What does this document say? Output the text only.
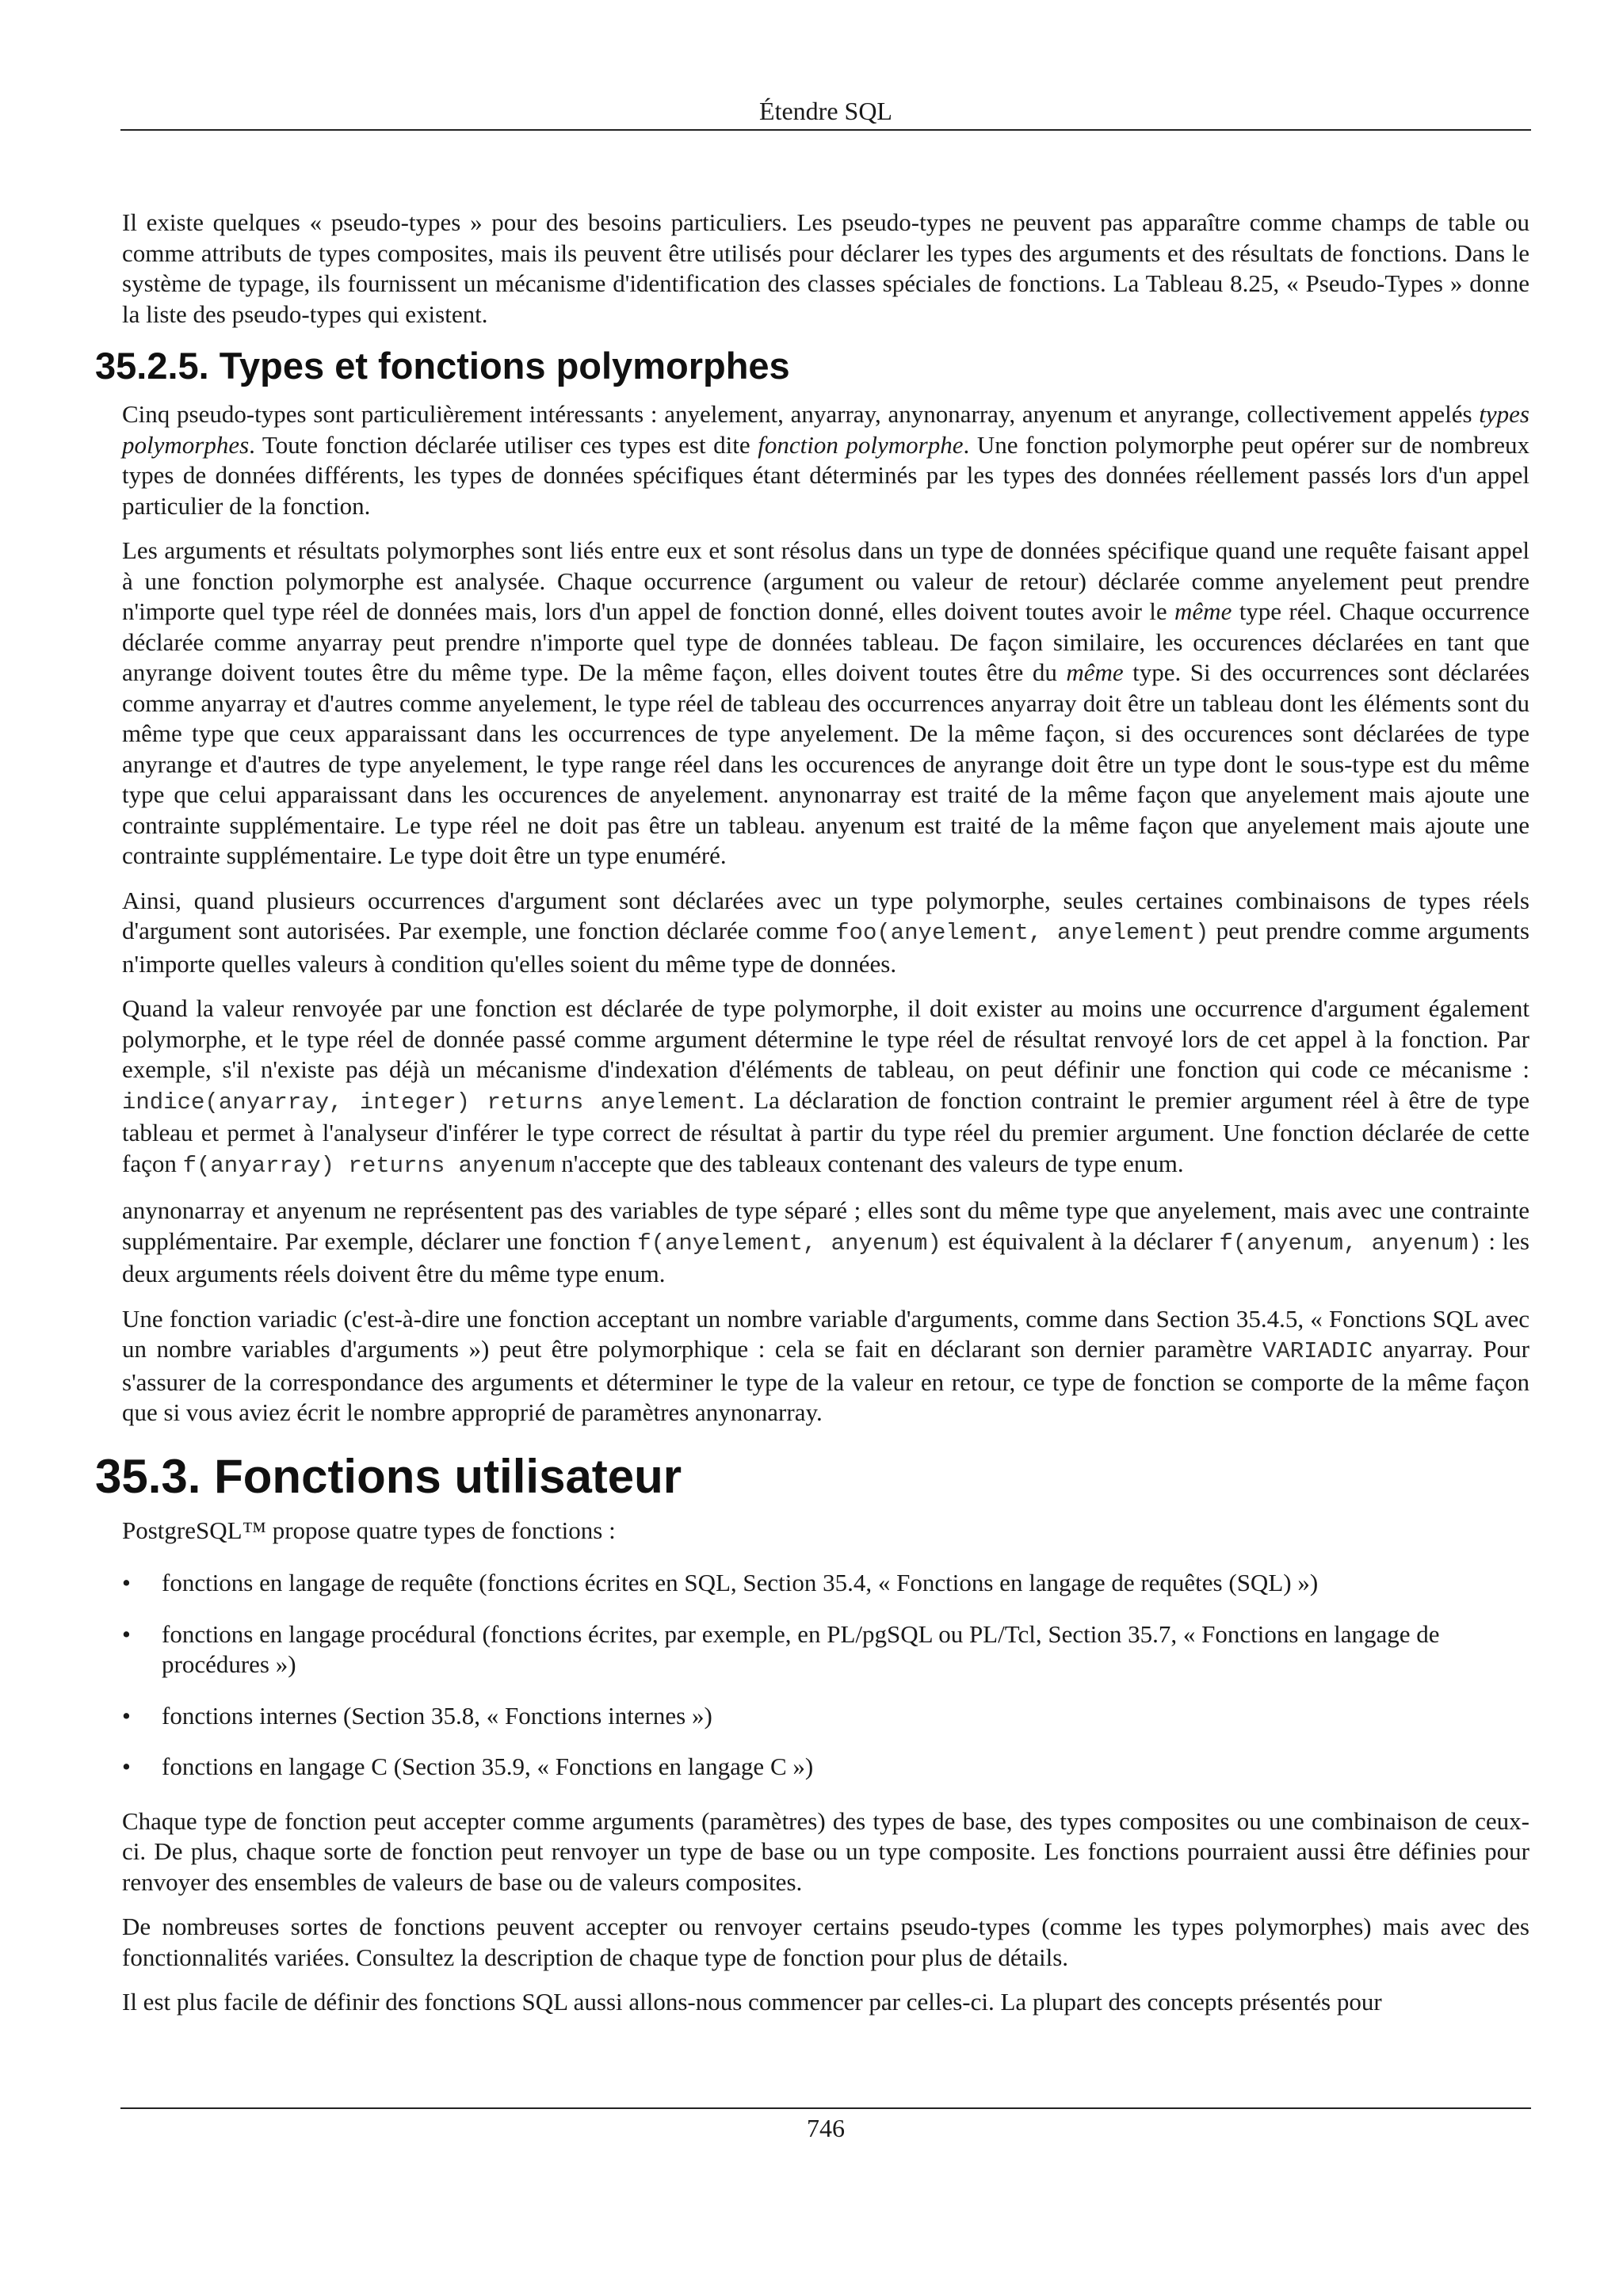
Étendre SQL

Il existe quelques « pseudo-types » pour des besoins particuliers. Les pseudo-types ne peuvent pas apparaître comme champs de table ou comme attributs de types composites, mais ils peuvent être utilisés pour déclarer les types des arguments et des résultats de fonctions. Dans le système de typage, ils fournissent un mécanisme d'identification des classes spéciales de fonctions. La Tableau 8.25, « Pseudo-Types » donne la liste des pseudo-types qui existent.

35.2.5. Types et fonctions polymorphes

Cinq pseudo-types sont particulièrement intéressants : anyelement, anyarray, anynonarray, anyenum et anyrange, collectivement appelés types polymorphes. Toute fonction déclarée utiliser ces types est dite fonction polymorphe. Une fonction polymorphe peut opérer sur de nombreux types de données différents, les types de données spécifiques étant déterminés par les types des données réellement passés lors d'un appel particulier de la fonction.

Les arguments et résultats polymorphes sont liés entre eux et sont résolus dans un type de données spécifique quand une requête faisant appel à une fonction polymorphe est analysée. Chaque occurrence (argument ou valeur de retour) déclarée comme anyelement peut prendre n'importe quel type réel de données mais, lors d'un appel de fonction donné, elles doivent toutes avoir le même type réel. Chaque occurrence déclarée comme anyarray peut prendre n'importe quel type de données tableau. De façon similaire, les occurences déclarées en tant que anyrange doivent toutes être du même type. De la même façon, elles doivent toutes être du même type. Si des occurrences sont déclarées comme anyarray et d'autres comme anyelement, le type réel de tableau des occurrences anyarray doit être un tableau dont les éléments sont du même type que ceux apparaissant dans les occurrences de type anyelement. De la même façon, si des occurences sont déclarées de type anyrange et d'autres de type anyelement, le type range réel dans les occurences de anyrange doit être un type dont le sous-type est du même type que celui apparaissant dans les occurences de anyelement. anynonarray est traité de la même façon que anyelement mais ajoute une contrainte supplémentaire. Le type réel ne doit pas être un tableau. anyenum est traité de la même façon que anyelement mais ajoute une contrainte supplémentaire. Le type doit être un type enuméré.

Ainsi, quand plusieurs occurrences d'argument sont déclarées avec un type polymorphe, seules certaines combinaisons de types réels d'argument sont autorisées. Par exemple, une fonction déclarée comme foo(anyelement, anyelement) peut prendre comme arguments n'importe quelles valeurs à condition qu'elles soient du même type de données.

Quand la valeur renvoyée par une fonction est déclarée de type polymorphe, il doit exister au moins une occurrence d'argument également polymorphe, et le type réel de donnée passé comme argument détermine le type réel de résultat renvoyé lors de cet appel à la fonction. Par exemple, s'il n'existe pas déjà un mécanisme d'indexation d'éléments de tableau, on peut définir une fonction qui code ce mécanisme : indice(anyarray, integer) returns anyelement. La déclaration de fonction contraint le premier argument réel à être de type tableau et permet à l'analyseur d'inférer le type correct de résultat à partir du type réel du premier argument. Une fonction déclarée de cette façon f(anyarray) returns anyenum n'accepte que des tableaux contenant des valeurs de type enum.

anynonarray et anyenum ne représentent pas des variables de type séparé ; elles sont du même type que anyelement, mais avec une contrainte supplémentaire. Par exemple, déclarer une fonction f(anyelement, anyenum) est équivalent à la déclarer f(anyenum, anyenum) : les deux arguments réels doivent être du même type enum.

Une fonction variadic (c'est-à-dire une fonction acceptant un nombre variable d'arguments, comme dans Section 35.4.5, « Fonctions SQL avec un nombre variables d'arguments ») peut être polymorphique : cela se fait en déclarant son dernier paramètre VARIADIC anyarray. Pour s'assurer de la correspondance des arguments et déterminer le type de la valeur en retour, ce type de fonction se comporte de la même façon que si vous aviez écrit le nombre approprié de paramètres anynonarray.

35.3. Fonctions utilisateur

PostgreSQL™ propose quatre types de fonctions :

• fonctions en langage de requête (fonctions écrites en SQL, Section 35.4, « Fonctions en langage de requêtes (SQL) »)
• fonctions en langage procédural (fonctions écrites, par exemple, en PL/pgSQL ou PL/Tcl, Section 35.7, « Fonctions en langage de procédures »)
• fonctions internes (Section 35.8, « Fonctions internes »)
• fonctions en langage C (Section 35.9, « Fonctions en langage C »)

Chaque type de fonction peut accepter comme arguments (paramètres) des types de base, des types composites ou une combinaison de ceux-ci. De plus, chaque sorte de fonction peut renvoyer un type de base ou un type composite. Les fonctions pourraient aussi être définies pour renvoyer des ensembles de valeurs de base ou de valeurs composites.

De nombreuses sortes de fonctions peuvent accepter ou renvoyer certains pseudo-types (comme les types polymorphes) mais avec des fonctionnalités variées. Consultez la description de chaque type de fonction pour plus de détails.

Il est plus facile de définir des fonctions SQL aussi allons-nous commencer par celles-ci. La plupart des concepts présentés pour

746
